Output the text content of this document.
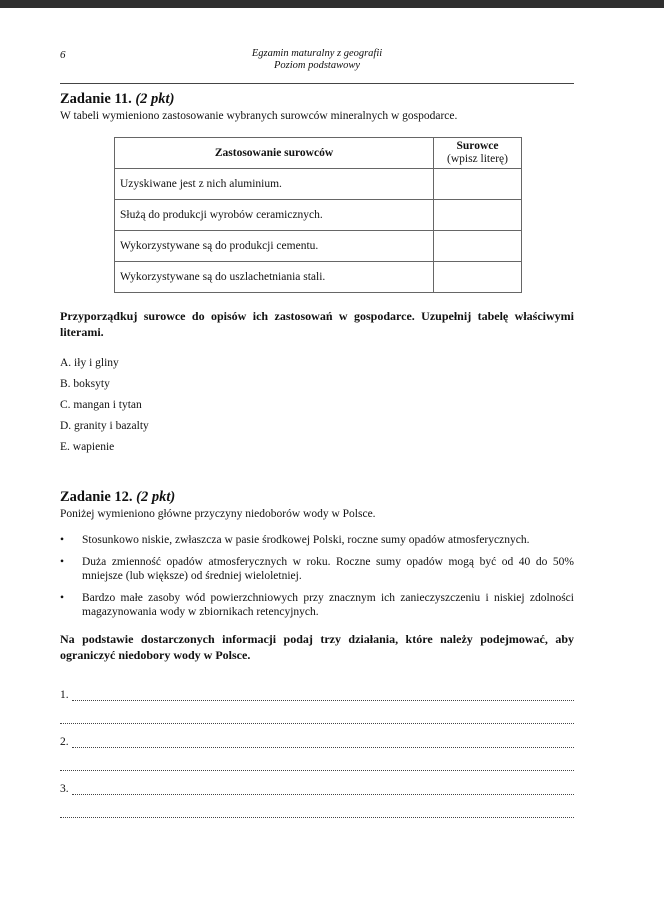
6	Egzamin maturalny z geografii
Poziom podstawowy
Zadanie 11. (2 pkt)

W tabeli wymieniono zastosowanie wybranych surowców mineralnych w gospodarce.

Zastosowanie surowców	Surowce
(wpisz literę)

Uzyskiwane jest z nich aluminium.	
Służą do produkcji wyrobów ceramicznych.	
Wykorzystywane są do produkcji cementu.	
Wykorzystywane są do uszlachetniania stali.	

Przyporządkuj surowce do opisów ich zastosowań w gospodarce. Uzupełnij tabelę właściwymi literami.

A. iły i gliny
B. boksyty
C. mangan i tytan
D. granity i bazalty
E. wapienie
Zadanie 12. (2 pkt)

Poniżej wymieniono główne przyczyny niedoborów wody w Polsce.

• Stosunkowo niskie, zwłaszcza w pasie środkowej Polski, roczne sumy opadów atmosferycznych.
• Duża zmienność opadów atmosferycznych w roku. Roczne sumy opadów mogą być od 40 do 50% mniejsze (lub większe) od średniej wieloletniej.
• Bardzo małe zasoby wód powierzchniowych przy znacznym ich zanieczyszczeniu i niskiej zdolności magazynowania wody w zbiornikach retencyjnych.

Na podstawie dostarczonych informacji podaj trzy działania, które należy podejmować, aby ograniczyć niedobory wody w Polsce.

1.
2.
3.
